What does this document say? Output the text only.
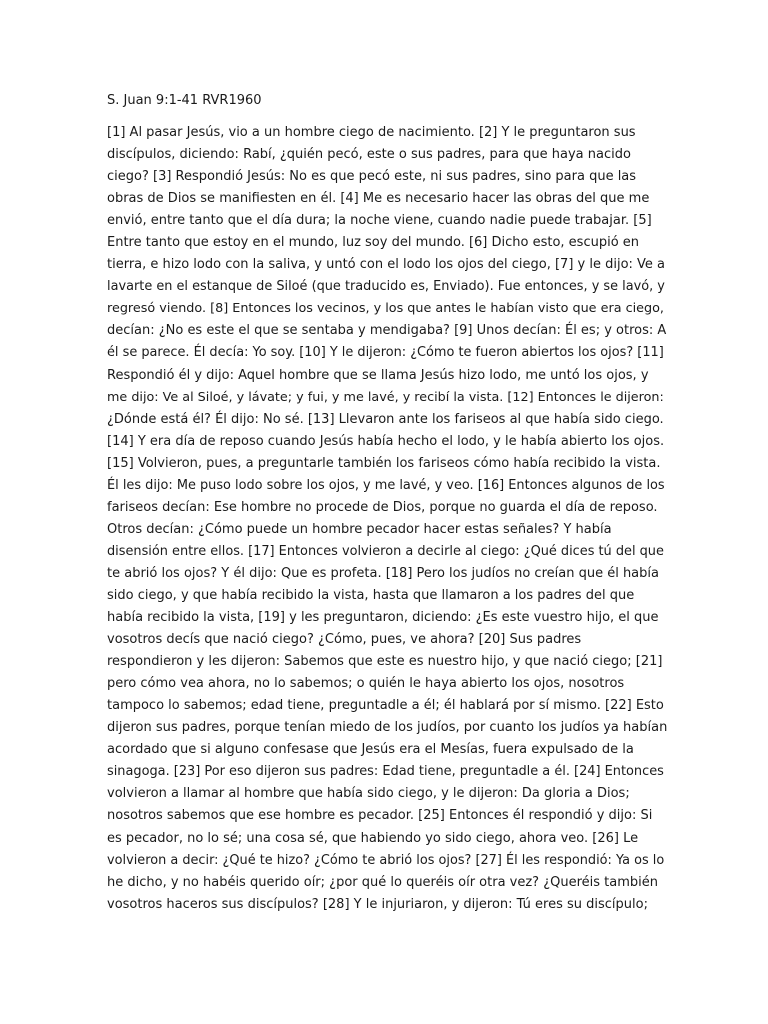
S. Juan 9:1-41 RVR1960
[1] Al pasar Jesús, vio a un hombre ciego de nacimiento. [2] Y le preguntaron sus
discípulos, diciendo: Rabí, ¿quién pecó, este o sus padres, para que haya nacido
ciego? [3] Respondió Jesús: No es que pecó este, ni sus padres, sino para que las
obras de Dios se manifiesten en él. [4] Me es necesario hacer las obras del que me
envió, entre tanto que el día dura; la noche viene, cuando nadie puede trabajar. [5]
Entre tanto que estoy en el mundo, luz soy del mundo. [6] Dicho esto, escupió en
tierra, e hizo lodo con la saliva, y untó con el lodo los ojos del ciego, [7] y le dijo: Ve a
lavarte en el estanque de Siloé (que traducido es, Enviado). Fue entonces, y se lavó, y
regresó viendo. [8] Entonces los vecinos, y los que antes le habían visto que era ciego,
decían: ¿No es este el que se sentaba y mendigaba? [9] Unos decían: Él es; y otros: A
él se parece. Él decía: Yo soy. [10] Y le dijeron: ¿Cómo te fueron abiertos los ojos? [11]
Respondió él y dijo: Aquel hombre que se llama Jesús hizo lodo, me untó los ojos, y
me dijo: Ve al Siloé, y lávate; y fui, y me lavé, y recibí la vista. [12] Entonces le dijeron:
¿Dónde está él? Él dijo: No sé. [13] Llevaron ante los fariseos al que había sido ciego.
[14] Y era día de reposo cuando Jesús había hecho el lodo, y le había abierto los ojos.
[15] Volvieron, pues, a preguntarle también los fariseos cómo había recibido la vista.
Él les dijo: Me puso lodo sobre los ojos, y me lavé, y veo. [16] Entonces algunos de los
fariseos decían: Ese hombre no procede de Dios, porque no guarda el día de reposo.
Otros decían: ¿Cómo puede un hombre pecador hacer estas señales? Y había
disensión entre ellos. [17] Entonces volvieron a decirle al ciego: ¿Qué dices tú del que
te abrió los ojos? Y él dijo: Que es profeta. [18] Pero los judíos no creían que él había
sido ciego, y que había recibido la vista, hasta que llamaron a los padres del que
había recibido la vista, [19] y les preguntaron, diciendo: ¿Es este vuestro hijo, el que
vosotros decís que nació ciego? ¿Cómo, pues, ve ahora? [20] Sus padres
respondieron y les dijeron: Sabemos que este es nuestro hijo, y que nació ciego; [21]
pero cómo vea ahora, no lo sabemos; o quién le haya abierto los ojos, nosotros
tampoco lo sabemos; edad tiene, preguntadle a él; él hablará por sí mismo. [22] Esto
dijeron sus padres, porque tenían miedo de los judíos, por cuanto los judíos ya habían
acordado que si alguno confesase que Jesús era el Mesías, fuera expulsado de la
sinagoga. [23] Por eso dijeron sus padres: Edad tiene, preguntadle a él. [24] Entonces
volvieron a llamar al hombre que había sido ciego, y le dijeron: Da gloria a Dios;
nosotros sabemos que ese hombre es pecador. [25] Entonces él respondió y dijo: Si
es pecador, no lo sé; una cosa sé, que habiendo yo sido ciego, ahora veo. [26] Le
volvieron a decir: ¿Qué te hizo? ¿Cómo te abrió los ojos? [27] Él les respondió: Ya os lo
he dicho, y no habéis querido oír; ¿por qué lo queréis oír otra vez? ¿Queréis también
vosotros haceros sus discípulos? [28] Y le injuriaron, y dijeron: Tú eres su discípulo;
